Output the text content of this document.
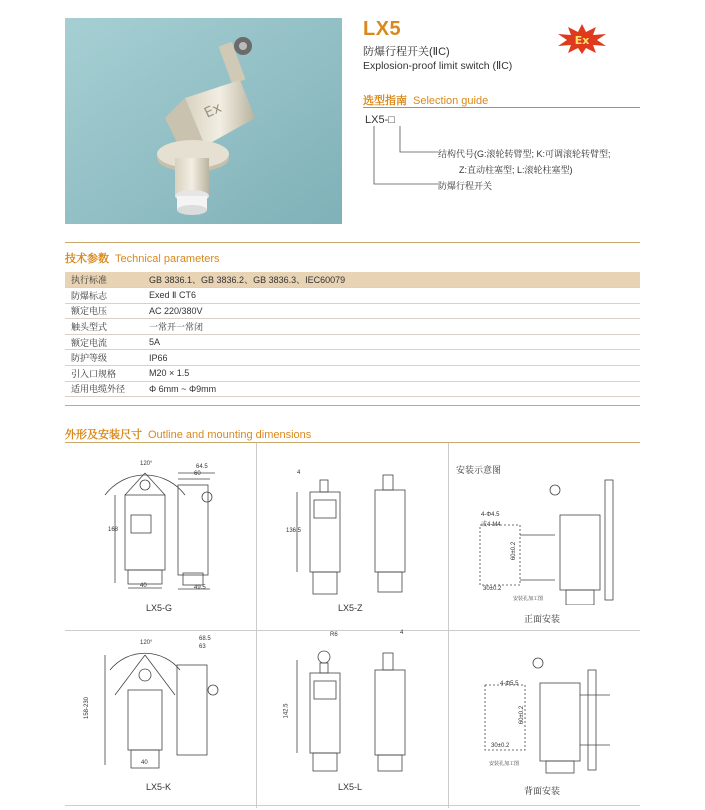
Ex
LX5
防爆行程开关(ⅡC)
Explosion-proof limit switch (ⅡC)
Ex
选型指南 Selection guide
LX5-□
结构代号(G:滚轮转臂型; K:可调滚轮转臂型;
Z:直动柱塞型; L:滚轮柱塞型)
防爆行程开关
技术参数 Technical parameters
执行标准	GB 3836.1、GB 3836.2、GB 3836.3、IEC60079
防爆标志	Exed Ⅱ CT6
额定电压	AC 220/380V
触头型式	一常开一常闭
额定电流	5A
防护等级	IP66
引入口规格	M20 × 1.5
适用电缆外径	Φ 6mm ~ Φ9mm
外形及安装尺寸 Outline and mounting dimensions
120°	64.5
60
168
40	49.5
LX5-G
4
136.5
LX5-Z
安装示意图
4-Φ4.5
或4-M4
30±0.2
60±0.2
安装孔加工图
正面安装
120°
68.5
63
158-230
40
LX5-K
R6	4
142.5
LX5-L
4-Φ5.5
30±0.2
60±0.2
安装孔加工图
背面安装
